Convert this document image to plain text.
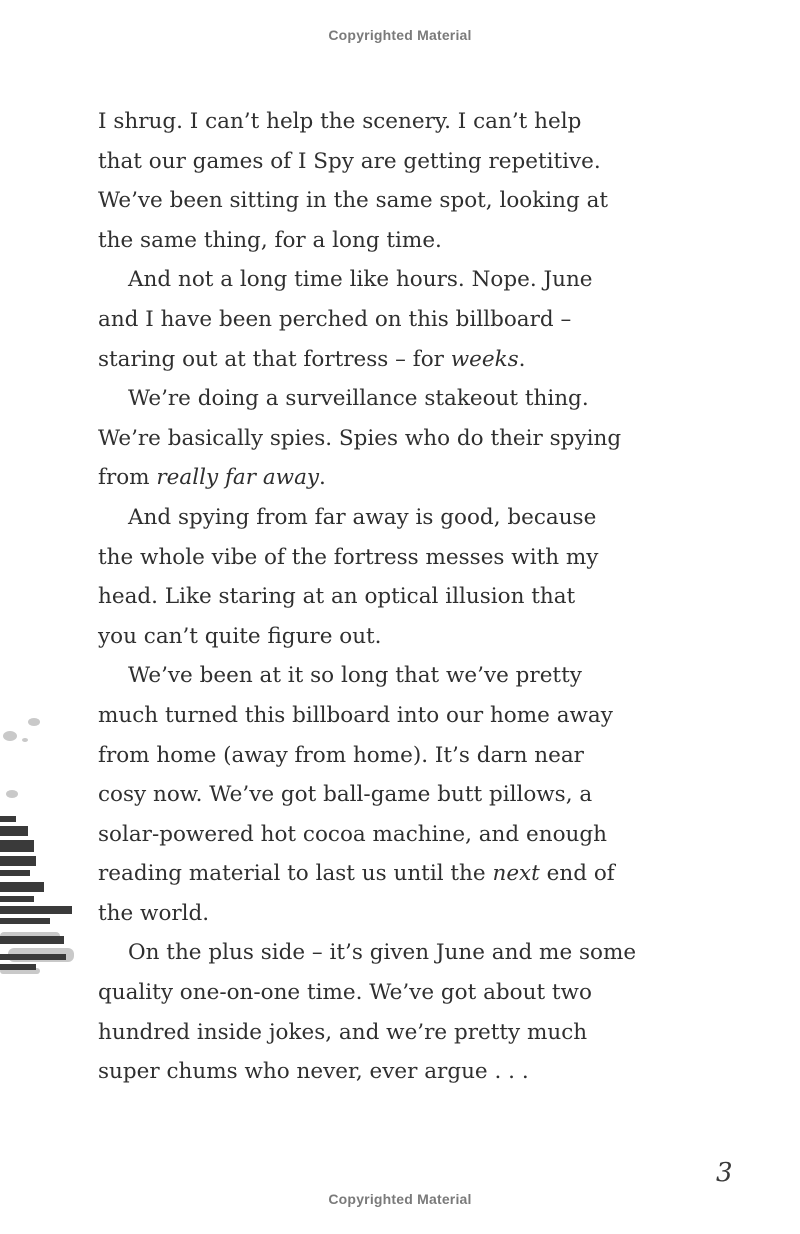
Copyrighted Material
I shrug. I can’t help the scenery. I can’t help
that our games of I Spy are getting repetitive.
We’ve been sitting in the same spot, looking at
the same thing, for a long time.
And not a long time like hours. Nope. June
and I have been perched on this billboard –
staring out at that fortress – for weeks.
We’re doing a surveillance stakeout thing.
We’re basically spies. Spies who do their spying
from really far away.
And spying from far away is good, because
the whole vibe of the fortress messes with my
head. Like staring at an optical illusion that
you can’t quite figure out.
We’ve been at it so long that we’ve pretty
much turned this billboard into our home away
from home (away from home). It’s darn near
cosy now. We’ve got ball-game butt pillows, a
solar-powered hot cocoa machine, and enough
reading material to last us until the next end of
the world.
On the plus side – it’s given June and me some
quality one-on-one time. We’ve got about two
hundred inside jokes, and we’re pretty much
super chums who never, ever argue . . .
3
Copyrighted Material
